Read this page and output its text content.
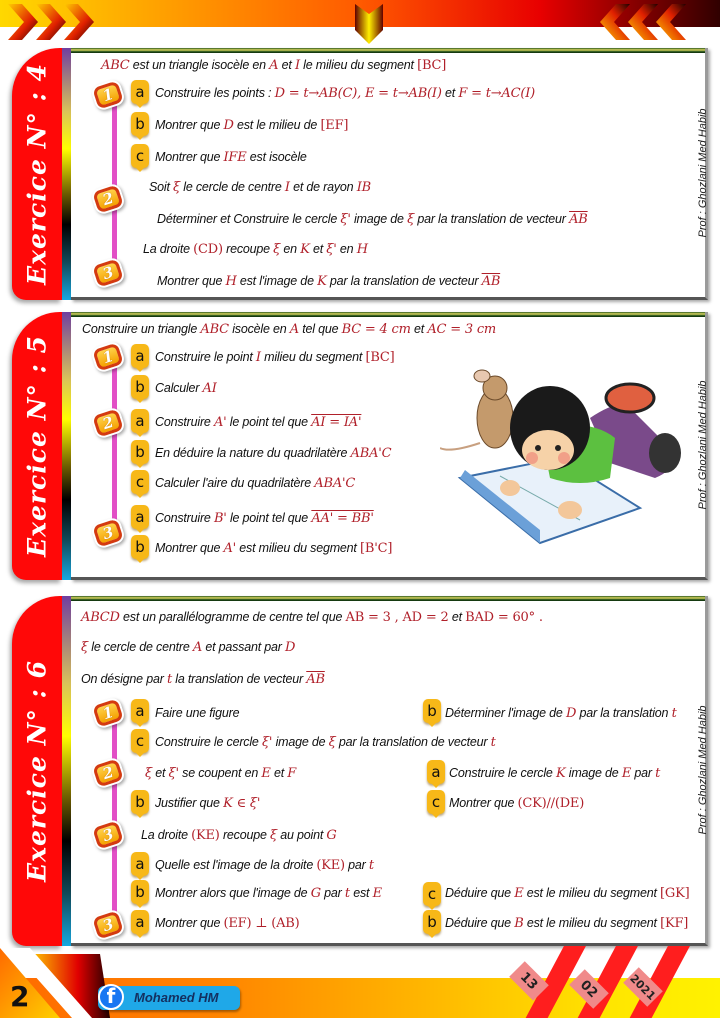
Exercice N° : 4	Prof : Ghozlani Med Habib
ABC est un triangle isocèle en A et I le milieu du segment [BC]
1
2
3
a Construire les points : D = t→AB(C), E = t→AB(I) et F = t→AC(I)
b Montrer que D est le milieu de [EF]
c Montrer que IFE est isocèle
Soit ξ le cercle de centre I et de rayon IB
Déterminer et Construire le cercle ξ' image de ξ par la translation de vecteur $\overline{AB}$
La droite (CD) recoupe ξ en K et ξ' en H
Montrer que H est l'image de K par la translation de vecteur $\overline{AB}$
Exercice N° : 5	Prof : Ghozlani Med Habib
Construire un triangle ABC isocèle en A tel que BC = 4 cm et AC = 3 cm
1
2
3
a Construire le point I milieu du segment [BC]
b Calculer AI
a Construire A' le point tel que AI = IA'
b En déduire la nature du quadrilatère ABA'C
c Calculer l'aire du quadrilatère ABA'C
a Construire B' le point tel que AA' = BB'
b Montrer que A' est milieu du segment [B'C]
Exercice N° : 6	Prof : Ghozlani Med Habib
ABCD est un parallélogramme de centre tel que AB = 3 , AD = 2 et BAD = 60° .
ξ le cercle de centre A et passant par D
On désigne par t la translation de vecteur $\overline{AB}$
1
2
3
3
a Faire une figure	b Déterminer l'image de D par la translation t
c Construire le cercle ξ' image de ξ par la translation de vecteur t
ξ et ξ' se coupent en E et F	a Construire le cercle K image de E par t
b Justifier que K ∈ ξ'	c Montrer que (CK)//(DE)
La droite (KE) recoupe ξ au point G
a Quelle est l'image de la droite (KE) par t
b Montrer alors que l'image de G par t est E	c Déduire que E est le milieu du segment [GK]
a Montrer que (EF) ⊥ (AB)	b Déduire que B est le milieu du segment [KF]
2	f	Mohamed HM
13	02	2021
